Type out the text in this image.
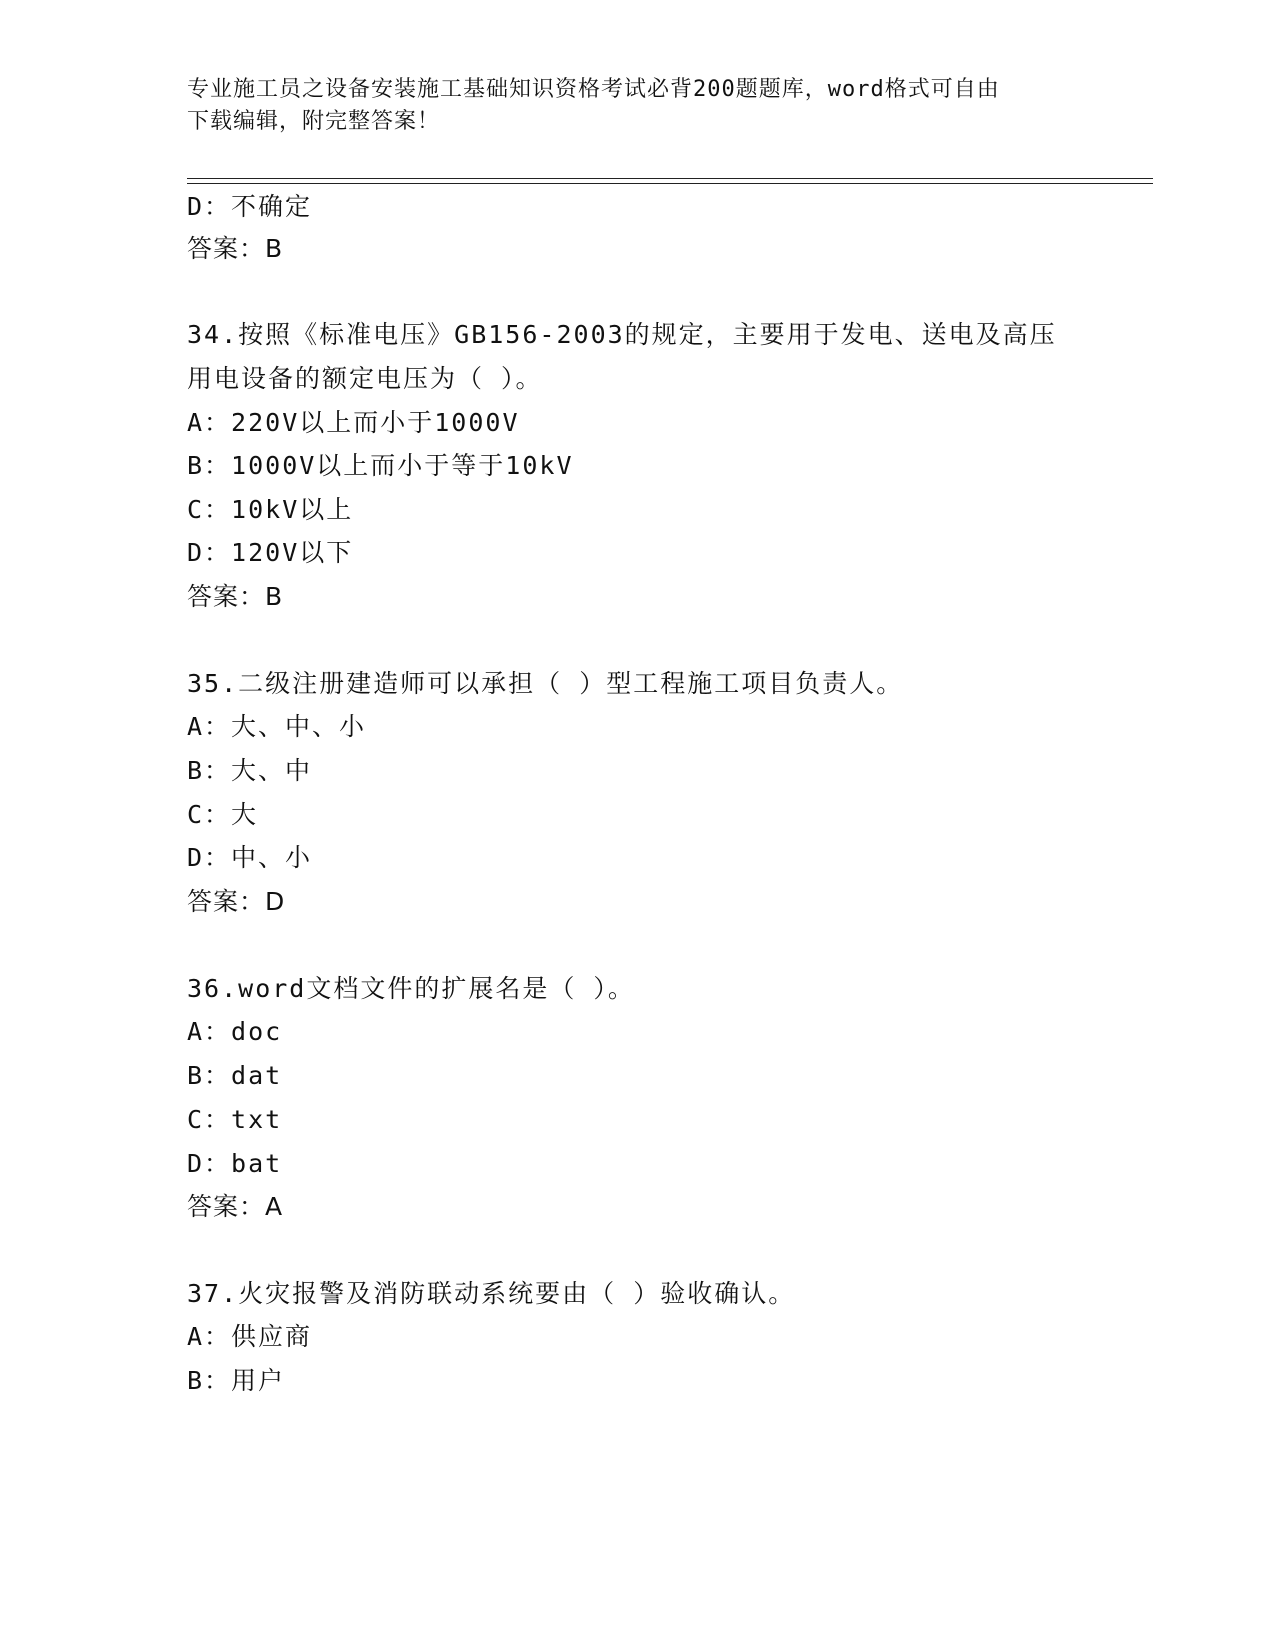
专业施工员之设备安装施工基础知识资格考试必背200题题库，word格式可自由
下载编辑，附完整答案！
D：不确定
答案：B
34.按照《标准电压》GB156-2003的规定，主要用于发电、送电及高压
用电设备的额定电压为（ ）。
A：220V以上而小于1000V
B：1000V以上而小于等于10kV
C：10kV以上
D：120V以下
答案：B
35.二级注册建造师可以承担（ ）型工程施工项目负责人。
A：大、中、小
B：大、中
C：大
D：中、小
答案：D
36.word文档文件的扩展名是（ ）。
A：doc
B：dat
C：txt
D：bat
答案：A
37.火灾报警及消防联动系统要由（ ）验收确认。
A：供应商
B：用户
